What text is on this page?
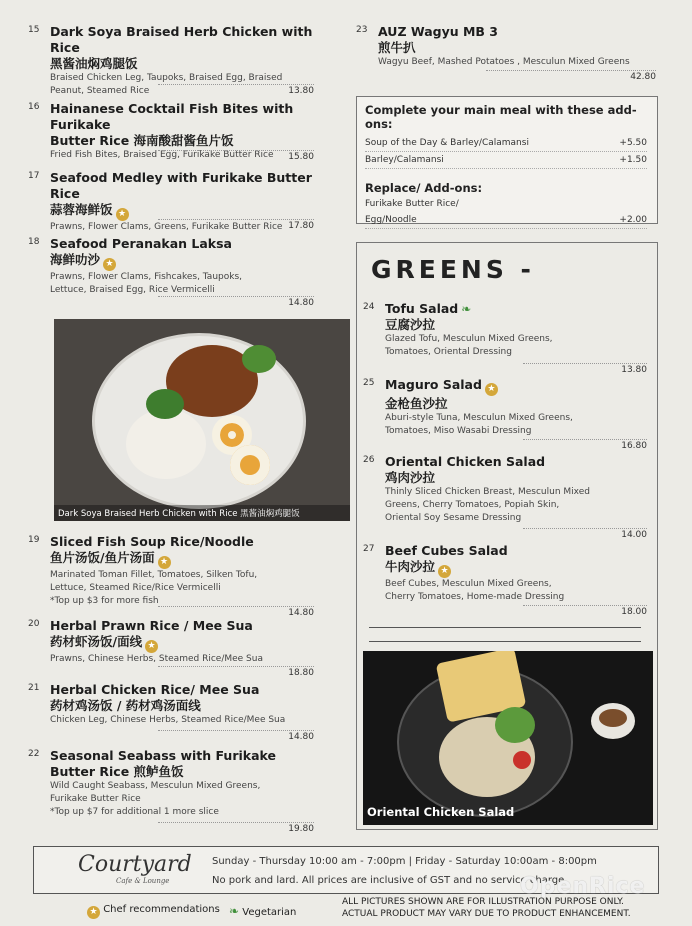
15 Dark Soya Braised Herb Chicken with Rice
黑酱油焖鸡腿饭
Braised Chicken Leg, Taupoks, Braised Egg, Braised
Peanut, Steamed Rice	13.80
16 Hainanese Cocktail Fish Bites with Furikake
Butter Rice 海南酸甜酱鱼片饭
Fried Fish Bites, Braised Egg, Furikake Butter Rice	15.80
17 Seafood Medley with Furikake Butter Rice
蒜蓉海鲜饭 ★
Prawns, Flower Clams, Greens, Furikake Butter Rice 17.80
18 Seafood Peranakan Laksa
海鲜叻沙 ★
Prawns, Flower Clams, Fishcakes, Taupoks,
Lettuce, Braised Egg, Rice Vermicelli
14.80
Dark Soya Braised Herb Chicken with Rice 黑酱油焖鸡腿饭
19 Sliced Fish Soup Rice/Noodle
鱼片汤饭/鱼片汤面 ★
Marinated Toman Fillet, Tomatoes, Silken Tofu,
Lettuce, Steamed Rice/Rice Vermicelli
*Top up $3 for more fish
14.80
20 Herbal Prawn Rice / Mee Sua
药材虾汤饭/面线 ★
Prawns, Chinese Herbs, Steamed Rice/Mee Sua
18.80
21 Herbal Chicken Rice/ Mee Sua
药材鸡汤饭 / 药材鸡汤面线
Chicken Leg, Chinese Herbs, Steamed Rice/Mee Sua
14.80
22 Seasonal Seabass with Furikake
Butter Rice 煎鲈鱼饭
Wild Caught Seabass, Mesculun Mixed Greens,
Furikake Butter Rice
*Top up $7 for additional 1 more slice
19.80
23 AUZ Wagyu MB 3
煎牛扒
Wagyu Beef, Mashed Potatoes , Mesculun Mixed Greens
42.80
Complete your main meal with these add-ons:
Soup of the Day & Barley/Calamansi	+5.50
Barley/Calamansi	+1.50
Replace/ Add-ons:
Furikake Butter Rice/
Egg/Noodle	+2.00
GREENS -
24 Tofu Salad ❧
豆腐沙拉
Glazed Tofu, Mesculun Mixed Greens,
Tomatoes, Oriental Dressing
13.80
25 Maguro Salad ★
金枪鱼沙拉
Aburi-style Tuna, Mesculun Mixed Greens,
Tomatoes, Miso Wasabi Dressing
16.80
26 Oriental Chicken Salad
鸡肉沙拉
Thinly Sliced Chicken Breast, Mesculun Mixed
Greens, Cherry Tomatoes, Popiah Skin,
Oriental Soy Sesame Dressing
14.00
27 Beef Cubes Salad
牛肉沙拉 ★
Beef Cubes, Mesculun Mixed Greens,
Cherry Tomatoes, Home-made Dressing
18.00
Oriental Chicken Salad
Courtyard
Cafe & Lounge
Sunday - Thursday 10:00 am - 7:00pm | Friday - Saturday 10:00am - 8:00pm
No pork and lard. All prices are inclusive of GST and no service charge.
OpenRice
★ Chef recommendations ❧ Vegetarian
ALL PICTURES SHOWN ARE FOR ILLUSTRATION PURPOSE ONLY.
ACTUAL PRODUCT MAY VARY DUE TO PRODUCT ENHANCEMENT.
